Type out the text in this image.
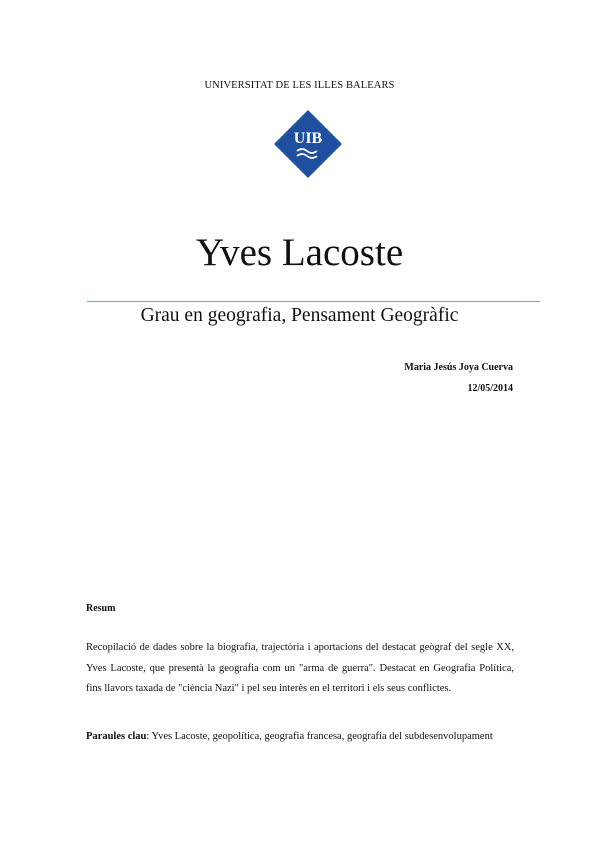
UNIVERSITAT DE LES ILLES BALEARS
UIB
Yves Lacoste
Grau en geografia, Pensament Geogràfic
Maria Jesús Joya Cuerva
12/05/2014
Resum
Recopilació de dades sobre la biografia, trajectòria i aportacions del destacat geògraf del segle XX, Yves Lacoste, que presentà la geografia com un "arma de guerra". Destacat en Geografia Política, fins llavors taxada de "ciència Nazi" i pel seu interès en el territori i els seus conflictes.
Paraules clau: Yves Lacoste, geopolítica, geografia francesa, geografia del subdesenvolupament
